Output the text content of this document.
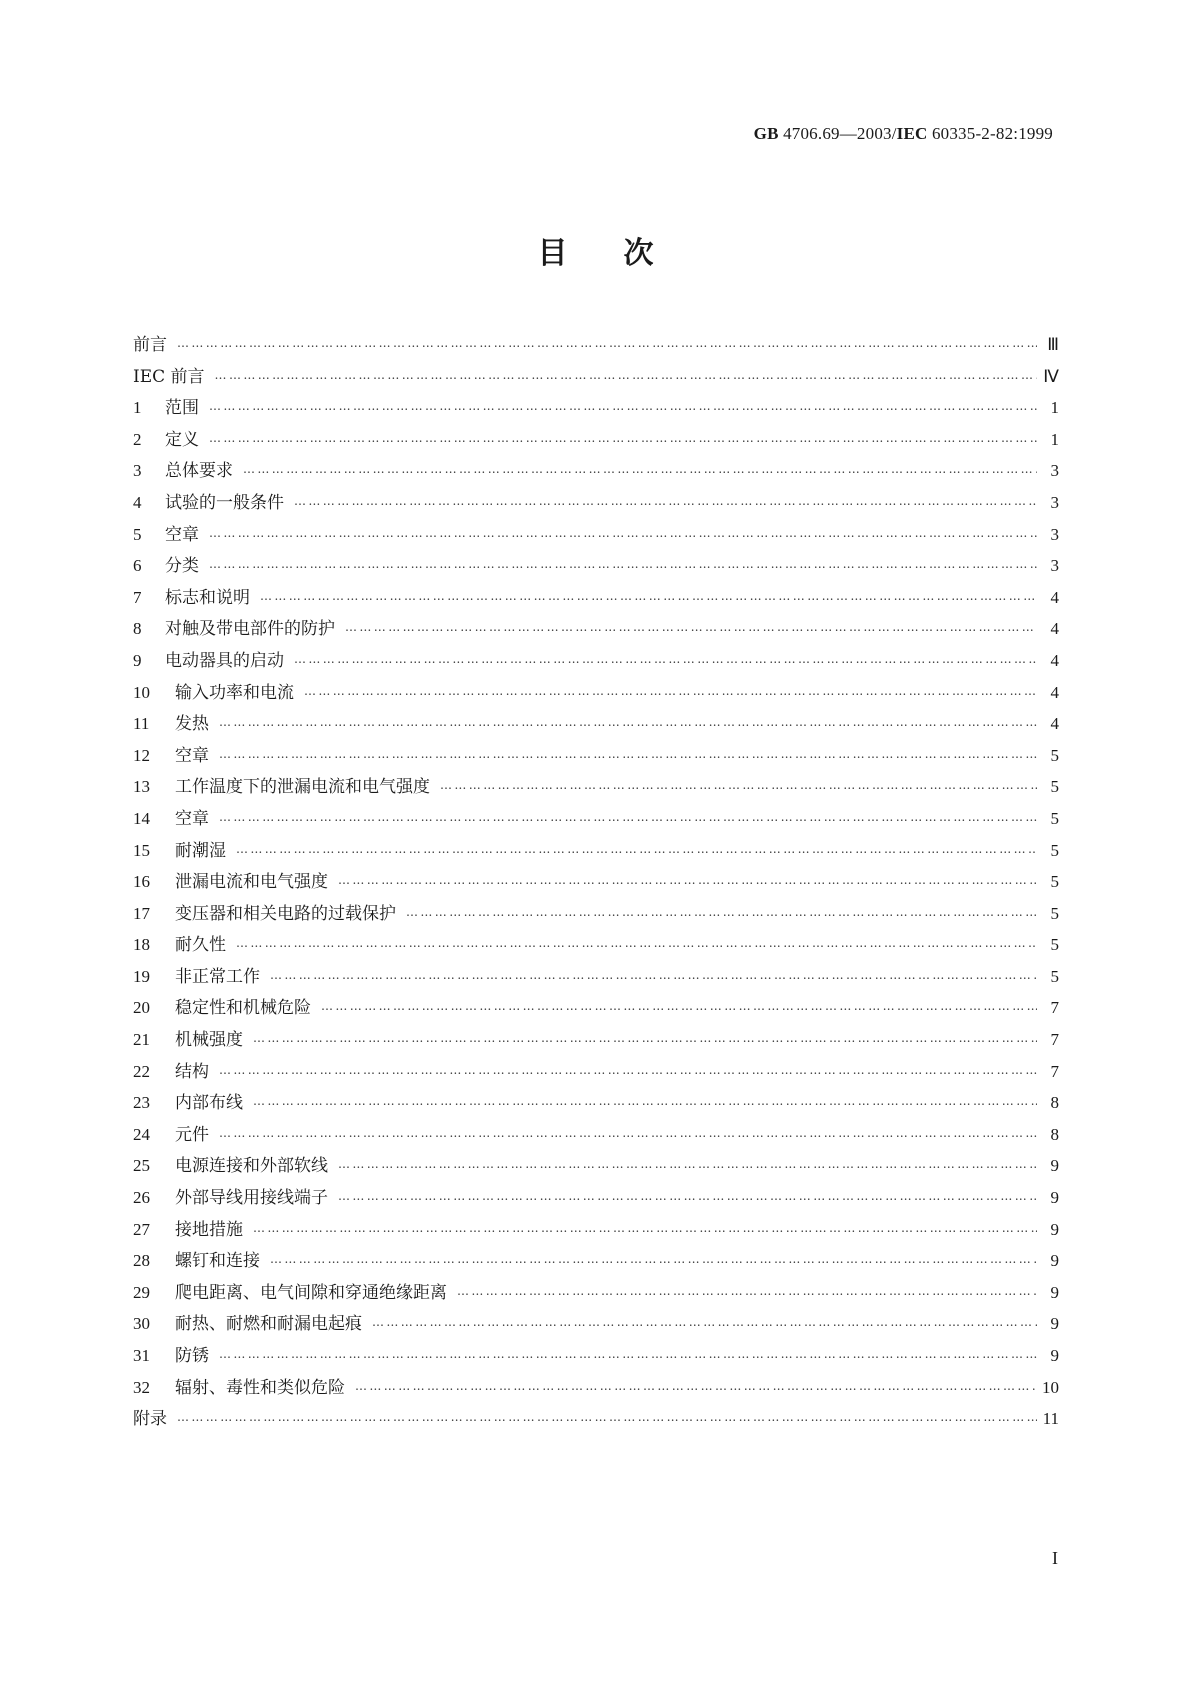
GB 4706.69—2003/IEC 60335-2-82:1999
目 次
前言 …………………………………………………………………………………………………………………………………………………………………………………………………	Ⅲ
IEC 前言 …………………………………………………………………………………………………………………………………………………………………………………………………	Ⅳ
1	范围 …………………………………………………………………………………………………………………………………………………………………………………………………	1
2	定义 …………………………………………………………………………………………………………………………………………………………………………………………………	1
3	总体要求 …………………………………………………………………………………………………………………………………………………………………………………………………	3
4	试验的一般条件 …………………………………………………………………………………………………………………………………………………………………………………………………	3
5	空章 …………………………………………………………………………………………………………………………………………………………………………………………………	3
6	分类 …………………………………………………………………………………………………………………………………………………………………………………………………	3
7	标志和说明 …………………………………………………………………………………………………………………………………………………………………………………………………	4
8	对触及带电部件的防护 …………………………………………………………………………………………………………………………………………………………………………………………………	4
9	电动器具的启动 …………………………………………………………………………………………………………………………………………………………………………………………………	4
10	输入功率和电流 …………………………………………………………………………………………………………………………………………………………………………………………………	4
11	发热 …………………………………………………………………………………………………………………………………………………………………………………………………	4
12	空章 …………………………………………………………………………………………………………………………………………………………………………………………………	5
13	工作温度下的泄漏电流和电气强度 …………………………………………………………………………………………………………………………………………………………………………………………………	5
14	空章 …………………………………………………………………………………………………………………………………………………………………………………………………	5
15	耐潮湿 …………………………………………………………………………………………………………………………………………………………………………………………………	5
16	泄漏电流和电气强度 …………………………………………………………………………………………………………………………………………………………………………………………………	5
17	变压器和相关电路的过载保护 …………………………………………………………………………………………………………………………………………………………………………………………………	5
18	耐久性 …………………………………………………………………………………………………………………………………………………………………………………………………	5
19	非正常工作 …………………………………………………………………………………………………………………………………………………………………………………………………	5
20	稳定性和机械危险 …………………………………………………………………………………………………………………………………………………………………………………………………	7
21	机械强度 …………………………………………………………………………………………………………………………………………………………………………………………………	7
22	结构 …………………………………………………………………………………………………………………………………………………………………………………………………	7
23	内部布线 …………………………………………………………………………………………………………………………………………………………………………………………………	8
24	元件 …………………………………………………………………………………………………………………………………………………………………………………………………	8
25	电源连接和外部软线 …………………………………………………………………………………………………………………………………………………………………………………………………	9
26	外部导线用接线端子 …………………………………………………………………………………………………………………………………………………………………………………………………	9
27	接地措施 …………………………………………………………………………………………………………………………………………………………………………………………………	9
28	螺钉和连接 …………………………………………………………………………………………………………………………………………………………………………………………………	9
29	爬电距离、电气间隙和穿通绝缘距离 …………………………………………………………………………………………………………………………………………………………………………………………………	9
30	耐热、耐燃和耐漏电起痕 …………………………………………………………………………………………………………………………………………………………………………………………………	9
31	防锈 …………………………………………………………………………………………………………………………………………………………………………………………………	9
32	辐射、毒性和类似危险 …………………………………………………………………………………………………………………………………………………………………………………………………	10
附录 …………………………………………………………………………………………………………………………………………………………………………………………………	11
I
